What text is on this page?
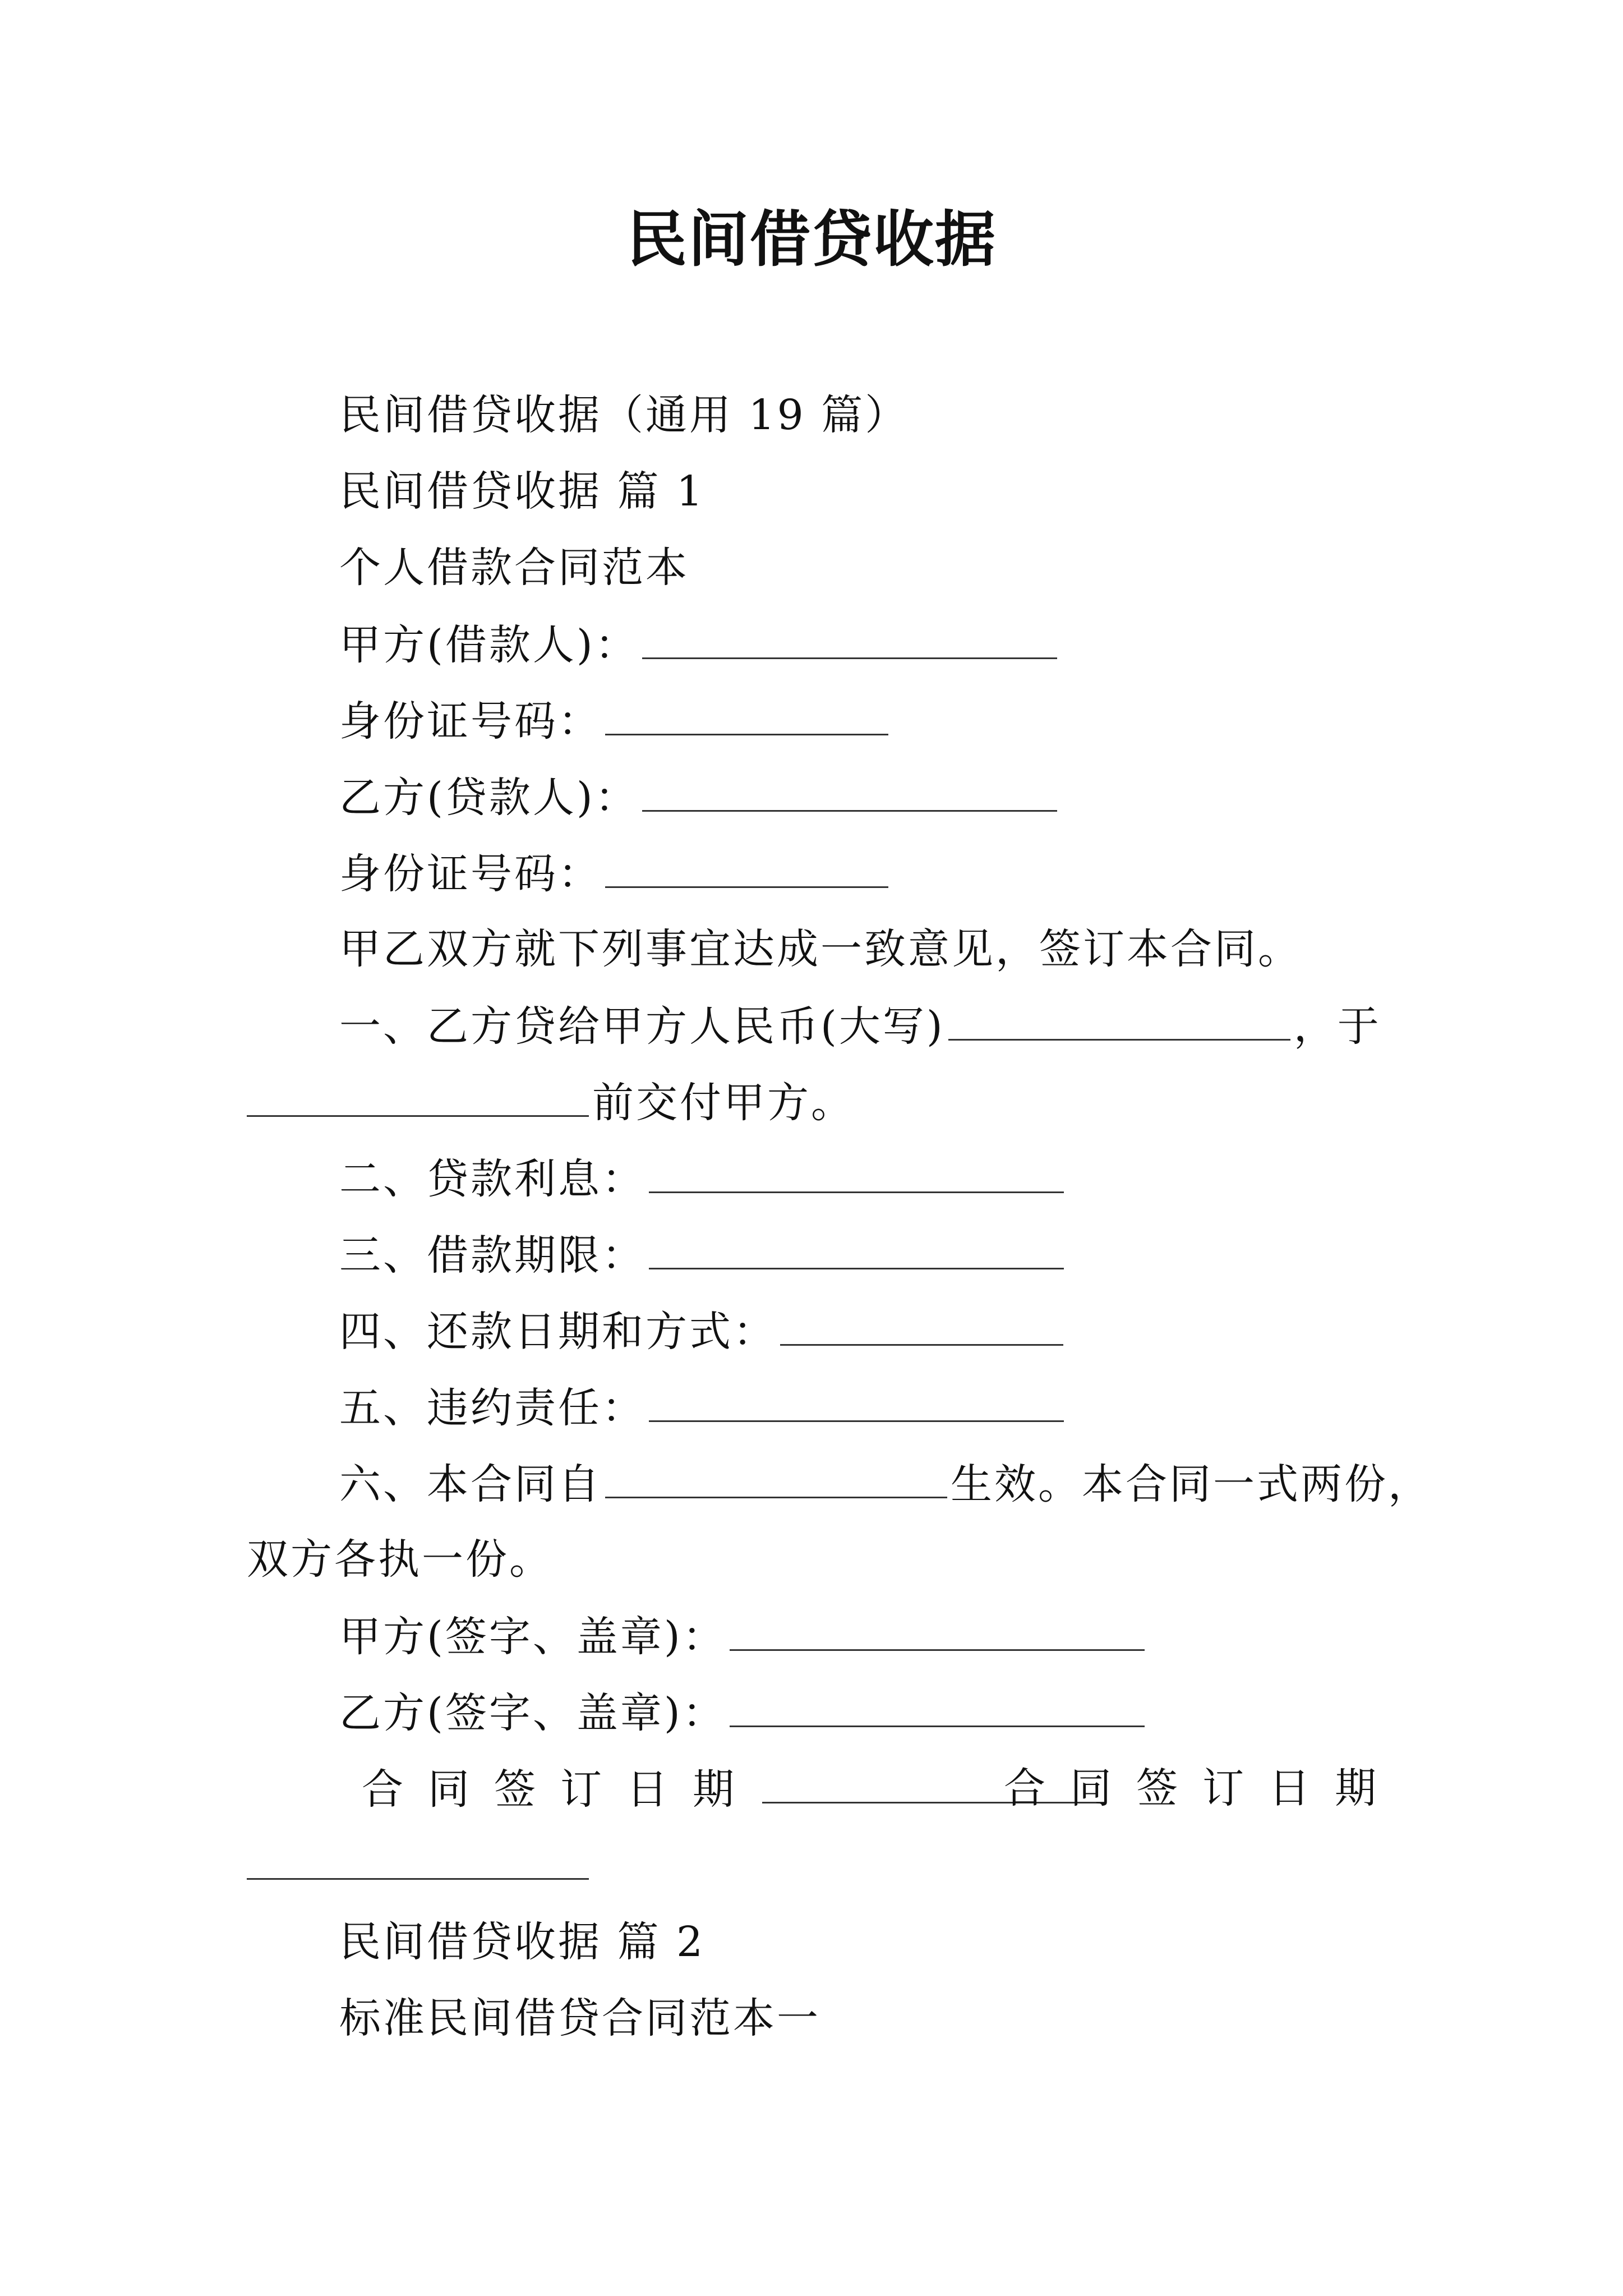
民间借贷收据
民间借贷收据（通用 19 篇）
民间借贷收据 篇 1
个人借款合同范本
甲方(借款人)：
身份证号码：
乙方(贷款人)：
身份证号码：
甲乙双方就下列事宜达成一致意见，签订本合同。
一、乙方贷给甲方人民币(大写)	，于
前交付甲方。
二、贷款利息：
三、借款期限：
四、还款日期和方式：
五、违约责任：
六、本合同自	生效。本合同一式两份，
双方各执一份。
甲方(签字、盖章)：
乙方(签字、盖章)：
合同签订日期	合同签订日期
民间借贷收据 篇 2
标准民间借贷合同范本一
